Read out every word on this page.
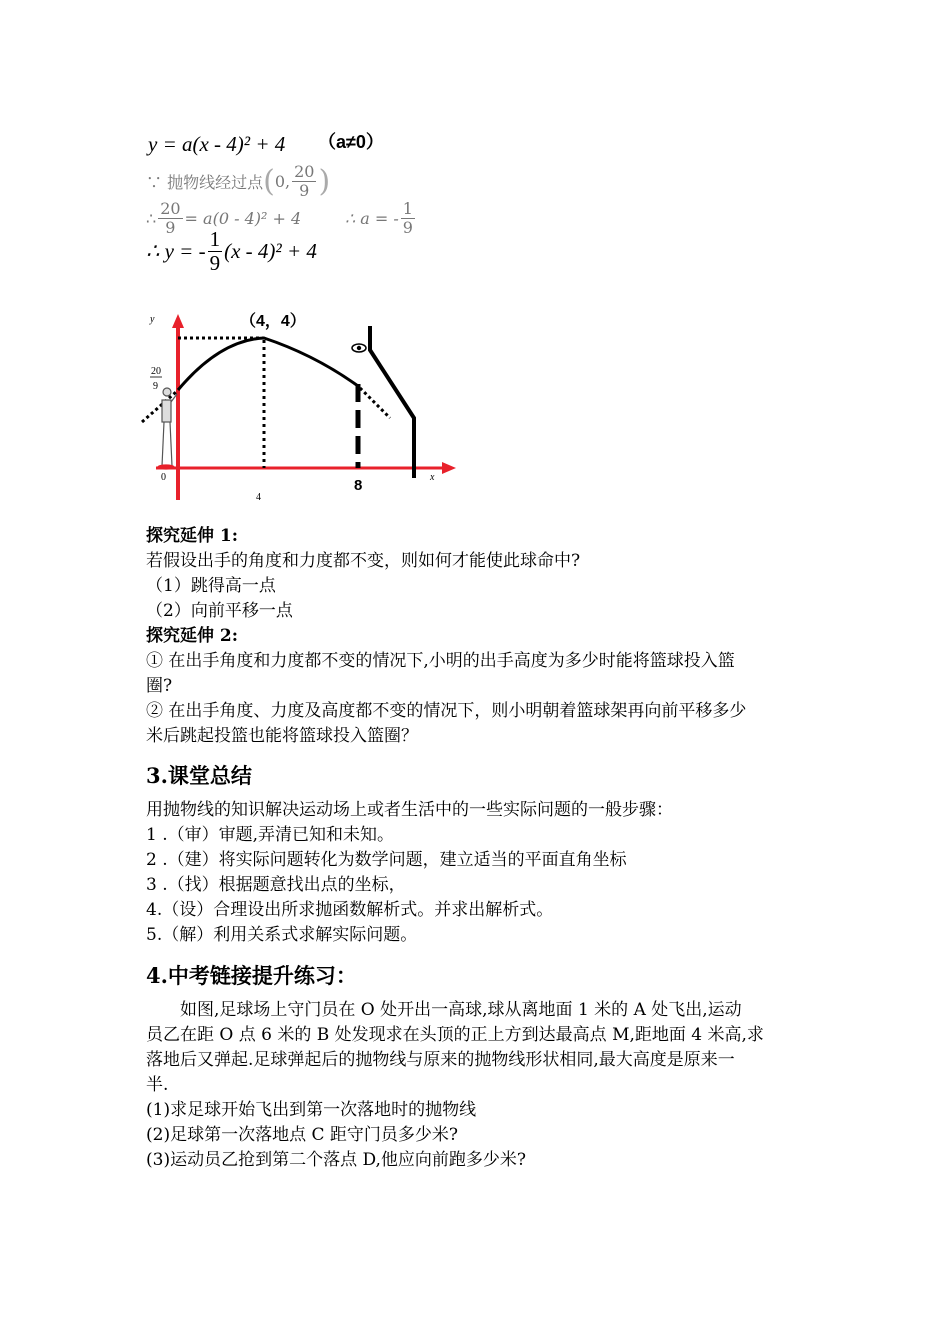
y = a(x - 4)² + 4 （a≠0）
∵ 抛物线经过点 ( 0 , $\frac{20}{9}$ )
∴ $\frac{20}{9} = a(0 - 4)^2 + 4$	∴ a = - $\frac{1}{9}$
∴ y = - $\frac{1}{9} (x - 4)^2 + 4$
y
x
0
20
9
4
8
（4，4）
探究延伸 1:
若假设出手的角度和力度都不变，则如何才能使此球命中?
（1）跳得高一点
（2）向前平移一点
探究延伸 2:
① 在出手角度和力度都不变的情况下,小明的出手高度为多少时能将篮球投入篮
圈?
② 在出手角度、力度及高度都不变的情况下，则小明朝着篮球架再向前平移多少
米后跳起投篮也能将篮球投入篮圈？
3.课堂总结
用抛物线的知识解决运动场上或者生活中的一些实际问题的一般步骤：
1 .（审）审题,弄清已知和未知。
2 .（建）将实际问题转化为数学问题，建立适当的平面直角坐标
3 .（找）根据题意找出点的坐标，
4.（设）合理设出所求抛函数解析式。并求出解析式。
5.（解）利用关系式求解实际问题。
4.中考链接提升练习：
如图,足球场上守门员在 O 处开出一高球,球从离地面 1 米的 A 处飞出,运动
员乙在距 O 点 6 米的 B 处发现求在头顶的正上方到达最高点 M,距地面 4 米高,求
落地后又弹起.足球弹起后的抛物线与原来的抛物线形状相同,最大高度是原来一
半.
(1)求足球开始飞出到第一次落地时的抛物线
(2)足球第一次落地点 C 距守门员多少米?
(3)运动员乙抢到第二个落点 D,他应向前跑多少米?
